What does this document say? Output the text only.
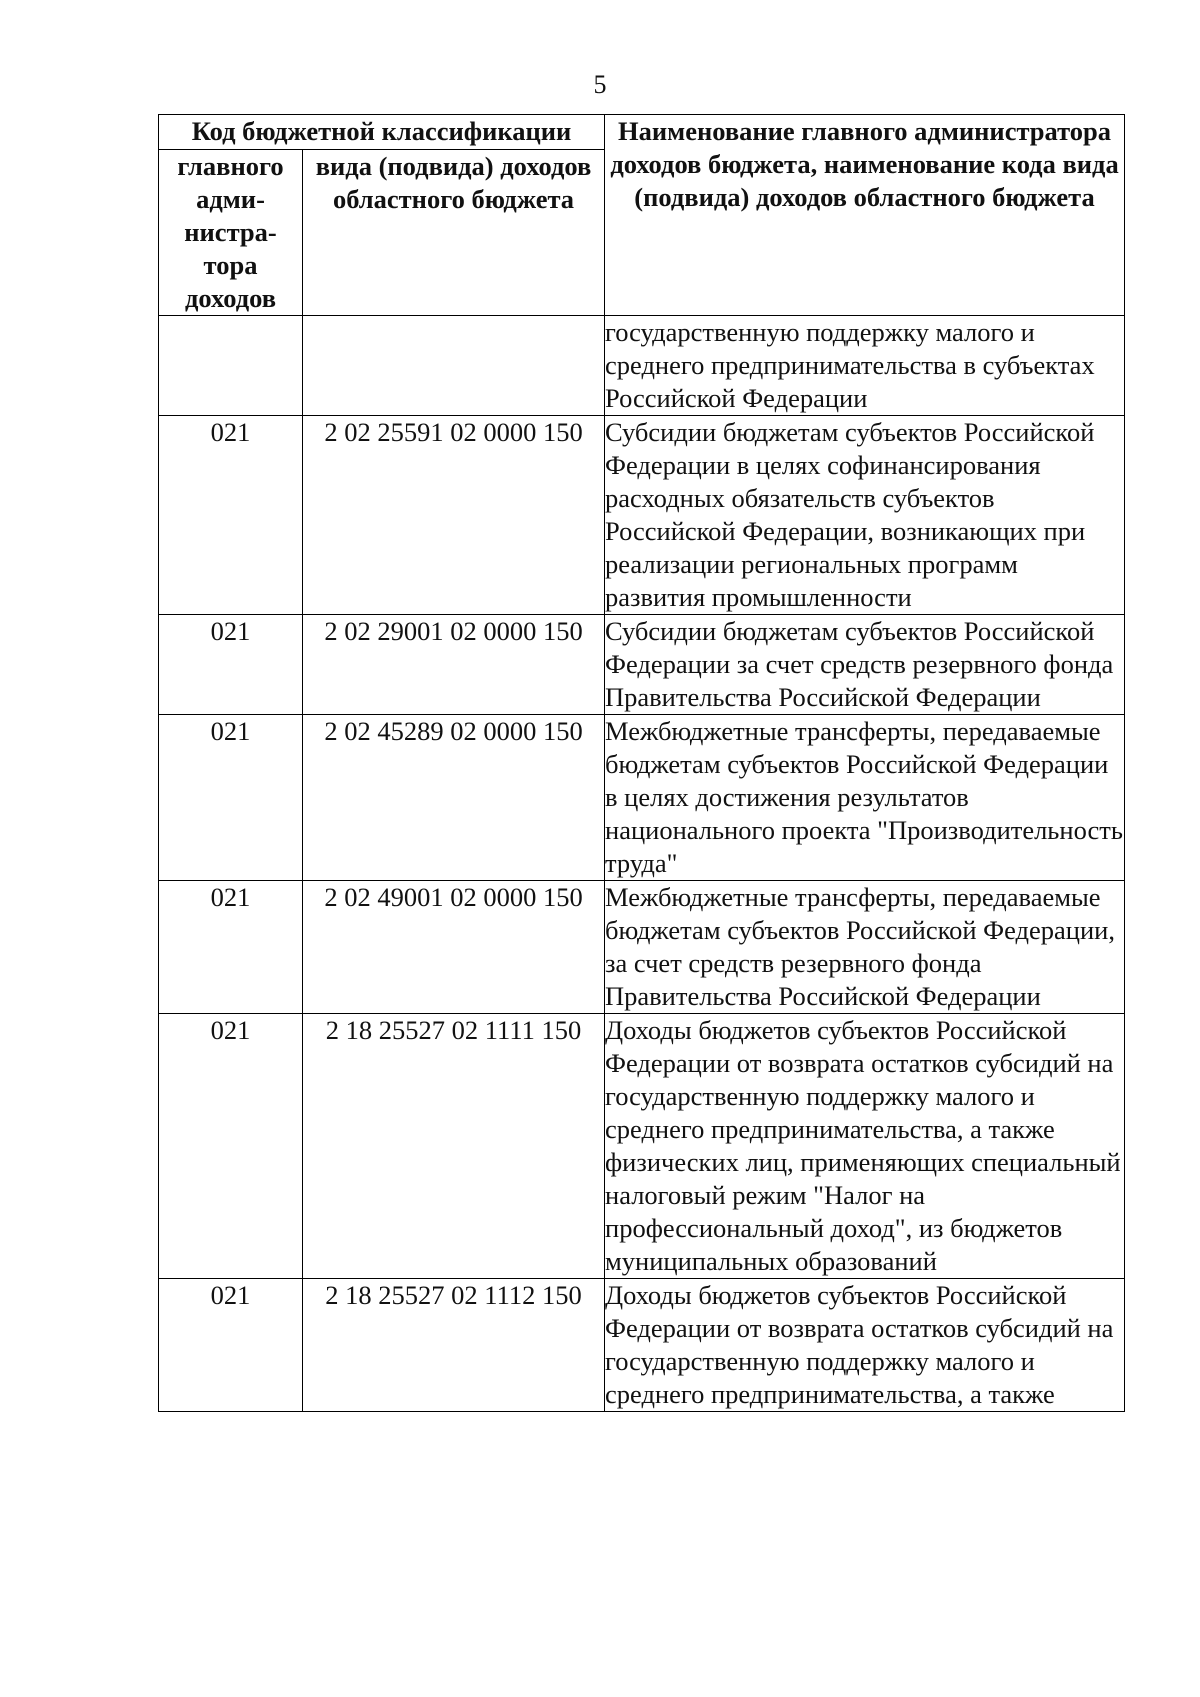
5
Код бюджетной классификации		Наименование главного администратора доходов бюджета, наименование кода вида (подвида) доходов областного бюджета
главного адми-нистра-тора доходов	вида (подвида) доходов областного бюджета	
		государственную поддержку малого и среднего предпринимательства в субъектах Российской Федерации
021	2 02 25591 02 0000 150	Субсидии бюджетам субъектов Российской Федерации в целях софинансирования расходных обязательств субъектов Российской Федерации, возникающих при реализации региональных программ развития промышленности
021	2 02 29001 02 0000 150	Субсидии бюджетам субъектов Российской Федерации за счет средств резервного фонда Правительства Российской Федерации
021	2 02 45289 02 0000 150	Межбюджетные трансферты, передаваемые бюджетам субъектов Российской Федерации в целях достижения результатов национального проекта "Производительность труда"
021	2 02 49001 02 0000 150	Межбюджетные трансферты, передаваемые бюджетам субъектов Российской Федерации, за счет средств резервного фонда Правительства Российской Федерации
021	2 18 25527 02 1111 150	Доходы бюджетов субъектов Российской Федерации от возврата остатков субсидий на государственную поддержку малого и среднего предпринимательства, а также физических лиц, применяющих специальный налоговый режим "Налог на профессиональный доход", из бюджетов муниципальных образований
021	2 18 25527 02 1112 150	Доходы бюджетов субъектов Российской Федерации от возврата остатков субсидий на государственную поддержку малого и среднего предпринимательства, а также
